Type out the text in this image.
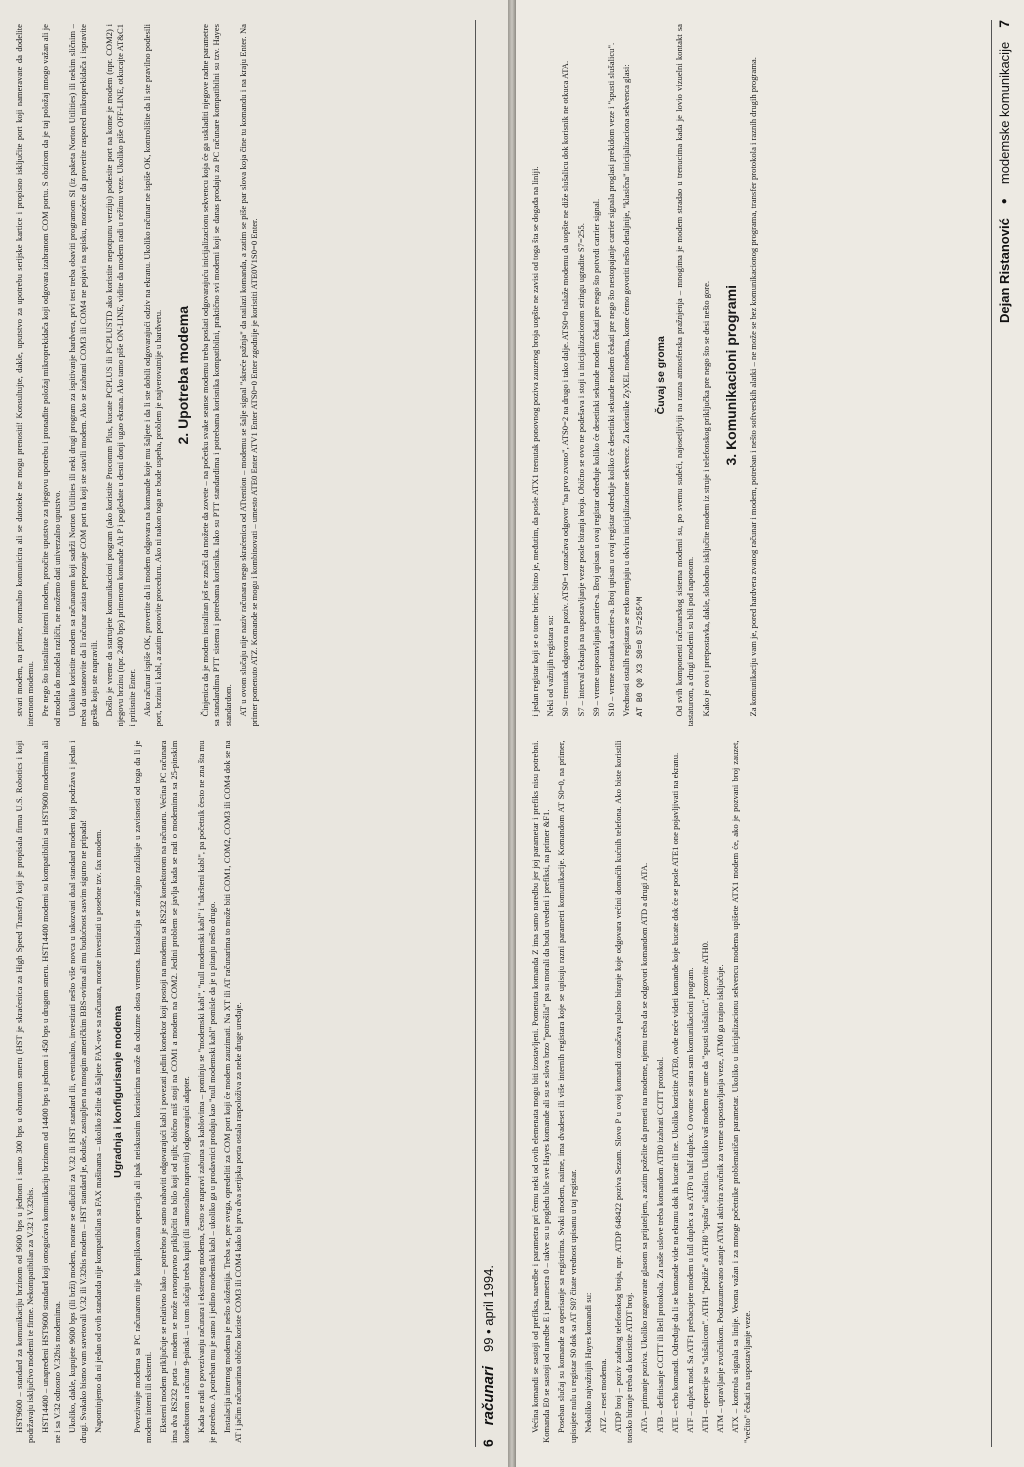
HST9600 – standard za komunikaciju brzinom od 9600 bps u jednom i samo 300 bps u obrnutom smeru (HST je skraćenica za High Speed Transfer) koji je propisala firma U.S. Robotics i koji podržavaju isključivo modemi te firme. Nekompatibilan za V.32 i V.32bis. HST14400 – unapređeni HST9600 standard koji omogućava komunikaciju brzinom od 14400 bps u jednom i 450 bps u drugom smeru. HST14400 modemi su kompatibilni sa HST9600 modemima ali ne i sa V.32 odnosno V.32bis modemima. Ukoliko, dakle, kupujete 9600 bps (ili brži) modem, morate se odlučiti za V.32 ili HST standard ili, eventualno, investirati nešto više novca u takozvani dual standard modem koji podržava i jedan i drugi. Svakako bismo vam savetovali V.32 ili V.32bis modem – HST standard je, doduše, zastupljen na mnogim američkim BBS-ovima ali mu budućnost sasvim sigurno ne pripada! Napominjemo da ni jedan od ovih standarda nije kompatibilan sa FAX mašinama – ukoliko želite da šaljete FAX-ove sa računara, morate investirati u posebne tzv. fax modem. Ugradnja i konfigurisanje modema Povezivanje modema sa PC računarom nije komplikovana operacija ali ipak neiskusnim korisnicima može da oduzme dosta vremena. Instalacija se značajno razlikuje u zavisnosti od toga da li je modem interni ili eksterni. Eksterni modem priključuje se relativno lako – potrebno je samo nabaviti odgovarajući kabl i povezati jedini konektor koji postoji na modemu sa RS232 konektorom na računaru. Većina PC računara ima dva RS232 porta – modem se može ravnopravno priključiti na bilo koji od njih; obično miš stoji na COM1 a modem na COM2. Jedini problem se javlja kada se radi o modemima sa 25-pinskim konektorom a računar 9-pinski – u tom slučaju treba kupiti (ili samostalno napraviti) odgovarajući adapter. Kada se radi o povezivanju računara i eksternog modema, često se napravi zabuna sa kablovima – pominju se "modemski kabl", "null modemski kabl" i "ukršteni kabl", pa početnik često ne zna šta mu je potrebno. A potreban mu je samo i jedino modemski kabl – ukoliko ga u prodavnici prodaju kao "null modemski kabl" pomisle da je u pitanju nešto drugo. Instalacija internog modema je nešto složenija. Treba se, pre svega, opredeliti za COM port koji će modem zauzimati. Na XT ili AT računarima to može biti COM1, COM2, COM3 ili COM4 dok se na AT i jačim računarima obično koriste COM3 ili COM4 kako bi prva dva serijska porta ostala raspoloživa za neke druge uređaje.

stvari modem, na primer, normalno komunicira ali se datoteke ne mogu prenositi! Konsultujte, dakle, uputstvo za upotrebu serijske kartice i propisno isključite port koji nameravate da dodelite internom modemu. Pre nego što instalirate interni modem, proučite uputstvo za njegovu upotrebu i pronađite položaj mikroprekidača koji odgovara izabranom COM portu. S obzirom da je taj položaj mnogo važan ali je od modela do modela različit, ne možemo dati univerzalno uputstvo. Ukoliko koristite modem sa računarom koji sadrži Norton Utilities ili neki drugi program za ispitivanje hardvera, prvi test treba obaviti programom SI (iz paketa Norton Utilities) ili nekim sličnim – treba da ustanovite da li računar zaista prepoznaje COM port na koji ste stavili modem. Ako se izabrani COM3 ili COM4 ne pojavi na spisku, moraćete da proverite raspored mikroprekidača i ispravite greške koju ste napravili. Došlo je vreme da startujete komunikacioni program (ako koristite Procomm Plus, kucate PCPLUS ili PCPLUSTD ako koristite nepotpunu verziju) podesite port na kome je modem (npr. COM2) i njegovu brzinu (npr. 2400 bps) primenom komande Alt P i pogledate u desni donji ugao ekrana. Ako tamo piše ON-LINE, vidite da modem radi u režimu veze. Ukoliko piše OFF-LINE, otkucajte AT&C1 i pritisnite Enter. Ako računar ispiše OK, proverite da li modem odgovara na komande koje mu šaljete i da li ste dobili odgovarajući odziv na ekranu. Ukoliko računar ne ispiše OK, kontrolišite da li ste pravilno podesili port, brzinu i kabl, a zatim ponovite proceduru. Ako ni nakon toga ne bude uspeha, problem je najverovatnije u hardveru. 2. Upotreba modema Činjenica da je modem instaliran još ne znači da možete da zovete – na početku svake seanse modemu treba poslati odgovarajuću inicijalizacionu sekvencu koja će ga uskladiti njegove radne parametre sa standardima PTT sistema i potrebama korisnika. Iako su PTT standardima i potrebama korisnika kompatibilni, praktično svi modemi koji se danas prodaju za PC računare kompatibilni su tzv. Hayes standardom. AT u ovom slučaju nije naziv računara nego skraćenica od ATtention – modemu se šalje signal "skreće pažnja" da nailazi komanda, a zatim se piše par slova koja čine tu komandu i na kraju Enter. Na primer pomenuto ATZ. Komande se mogu i kombinovati – umesto ATE0 Enter ATV1 Enter ATS0=0 Enter zgodnije je koristiti ATE0V1S0=0 Enter.

6
računari
99 • april 1994.	Većina komandi se sastoji od prefiksa, naredbe i parametra pri čemu neki od ovih elemenata mogu biti izostavljeni. Pomenuta komanda Z ima samo naredbu jer joj parametar i prefiks nisu potrebni. Komanda E0 se sastoji od naredbe E i parametra 0 – takve su u pogledu bile sve Hayes komande ali su se slova brzo "potrošila" pa su morali da budu uvedeni i prefiksi, na primer &F1. Poseban slučaj su komande za operisanje sa registrima. Svaki modem, naime, ima dvadeset ili više internih registara koje se upisuju razni parametri komunikacije. Komandom AT S0=0, na primer, upisujete nulu u registar S0 dok sa AT S0? čitate vrednost upisanu u taj registar. Nekoliko najvažnijih Hayes komandi su: ATZ – reset modema. ATDP broj – poziv zadatog telefonskog broja, npr. ATDP 648422 poziva Sezam. Slovo P u ovoj komandi označava pulsno biranje koje odgovara većini domaćih kućnih telefona. Ako biste koristili tonsko biranje treba da koristite ATDT broj. ATA – primanje poziva. Ukoliko razgovarate glasom sa prijateljem, a zatim poželite da preneti na modeme, njemu treba da se odgovori komandom ATD a drugi ATA. ATB – definisanje CCITT ili Bell protokola. Za naše uslove treba komandom ATB0 izabrati CCITT protokol. ATE – echo komandi. Određuje da li se komande vide na ekranu dok ih kucate ili ne. Ukoliko koristite ATE0, ovde neće videti komande koje kucate dok će se posle ATE1 one pojavljivati na ekranu. ATF – duplex mod. Sa ATF1 prebacujete modem u full duplex a sa ATF0 u half duplex. O ovome se stara sam komunikacioni program. ATH – operacije sa "slušalicom". ATH1 "podiže" a ATH0 "spušta" slušalicu. Ukoliko vaš modem ne ume da "spusti slušalicu", pozovite ATH0. ATM – upravljanje zvučnikom. Podrazumevano stanje ATM1 aktivira zvučnik za vreme uspostavljanja veze, ATM0 ga trajno isključuje. ATX – kontrola signala sa linije. Veoma važan i za mnoge početnike problematičan parametar. Ukoliko u inicijalizacionu sekvencu modema upišete ATX1 modem će, ako je pozvani broj zauzet, "večito" čekati na uspostavljanje veze.

i jedan registar koji se o tome brine; bitno je, međutim, da posle ATX1 trenutak ponovnog poziva zauzetog broja uopšte ne zavisi od toga šta se događa na liniji. Neki od važnijih registara su: S0 – trenutak odgovora na poziv. ATS0=1 označava odgovor "na prvo zvono", ATS0=2 na drugo i tako dalje. ATS0=0 nalaže modemu da uopšte ne diže slušalicu dok korisnik ne otkuca ATA. S7 – interval čekanja na uspostavljanje veze posle biranja broja. Obično se ovo ne podešava i stoji u inicijalizacionom stringu ugradite S7=255. S9 – vreme uspostavljanja carrier-a. Broj upisan u ovaj registar određuje koliko će desetinki sekunde modem čekati pre nego što potvrdi carrier signal. S10 – vreme nestanka carrier-a. Broj upisan u ovaj registar određuje koliko će desetinki sekunde modem čekati pre nego što nestopajanje carrier signala proglasi prekidom veze i "spusti slušalicu". Vrednosti ostalih registara se retko menjaju u okviru inicijalizacione sekvence. Za korisnike ZyXEL modema, kome ćemo govoriti nešto detaljnije, "klasična" inicijalizaciona sekvenca glasi: AT B0 Q0 X3 S0=0 S7=255^M

Čuvaj se groma Od svih komponenti računarskog sistema modemi su, po svemu sudeći, najosetljiviji na razna atmosferska pražnjenja – mnogima je modem stradao u trenucima kada je lovio vizuelni kontakt sa tastaturom, a drugi modemi su bili pod naponom. Kako je ovo i pretpostavka, dakle, slobodno isključite modem iz struje i telefonskog priključka pre nego što se desi nešto gore. 3. Komunikacioni programi Za komunikaciju vam je, pored hardvera zvanog računar i modem, potreban i nešto softverskih alatki – ne može se bez komunikacionog programa, transfer protokola i raznih drugih programa.	Dejan Ristanović
●
modemske komunikacije
7
